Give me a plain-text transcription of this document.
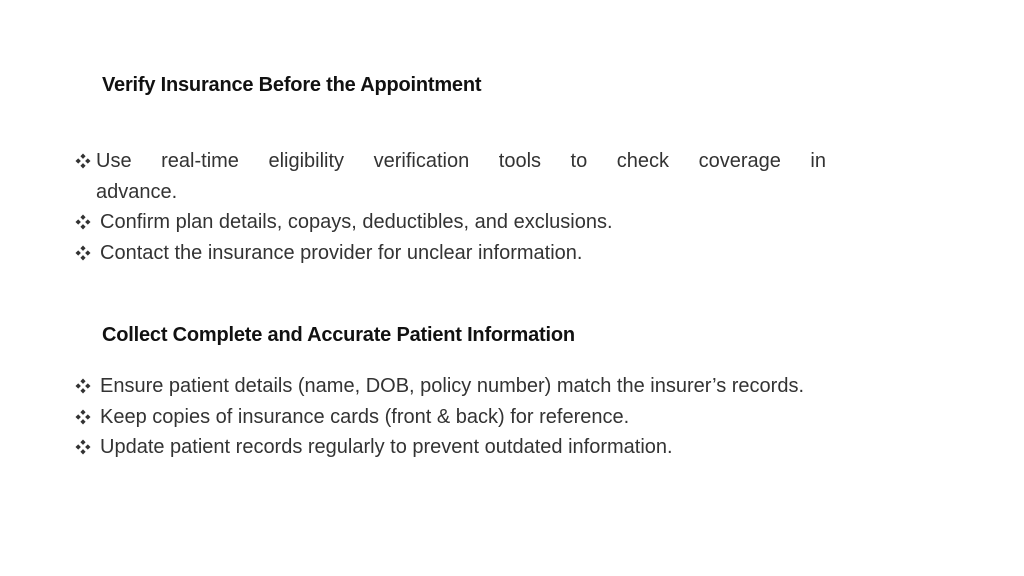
Verify Insurance Before the Appointment
Use real-time eligibility verification tools to check coverage in advance.
Confirm plan details, copays, deductibles, and exclusions.
Contact the insurance provider for unclear information.
Collect Complete and Accurate Patient Information
Ensure patient details (name, DOB, policy number) match the insurer’s records.
Keep copies of insurance cards (front & back) for reference.
Update patient records regularly to prevent outdated information.
